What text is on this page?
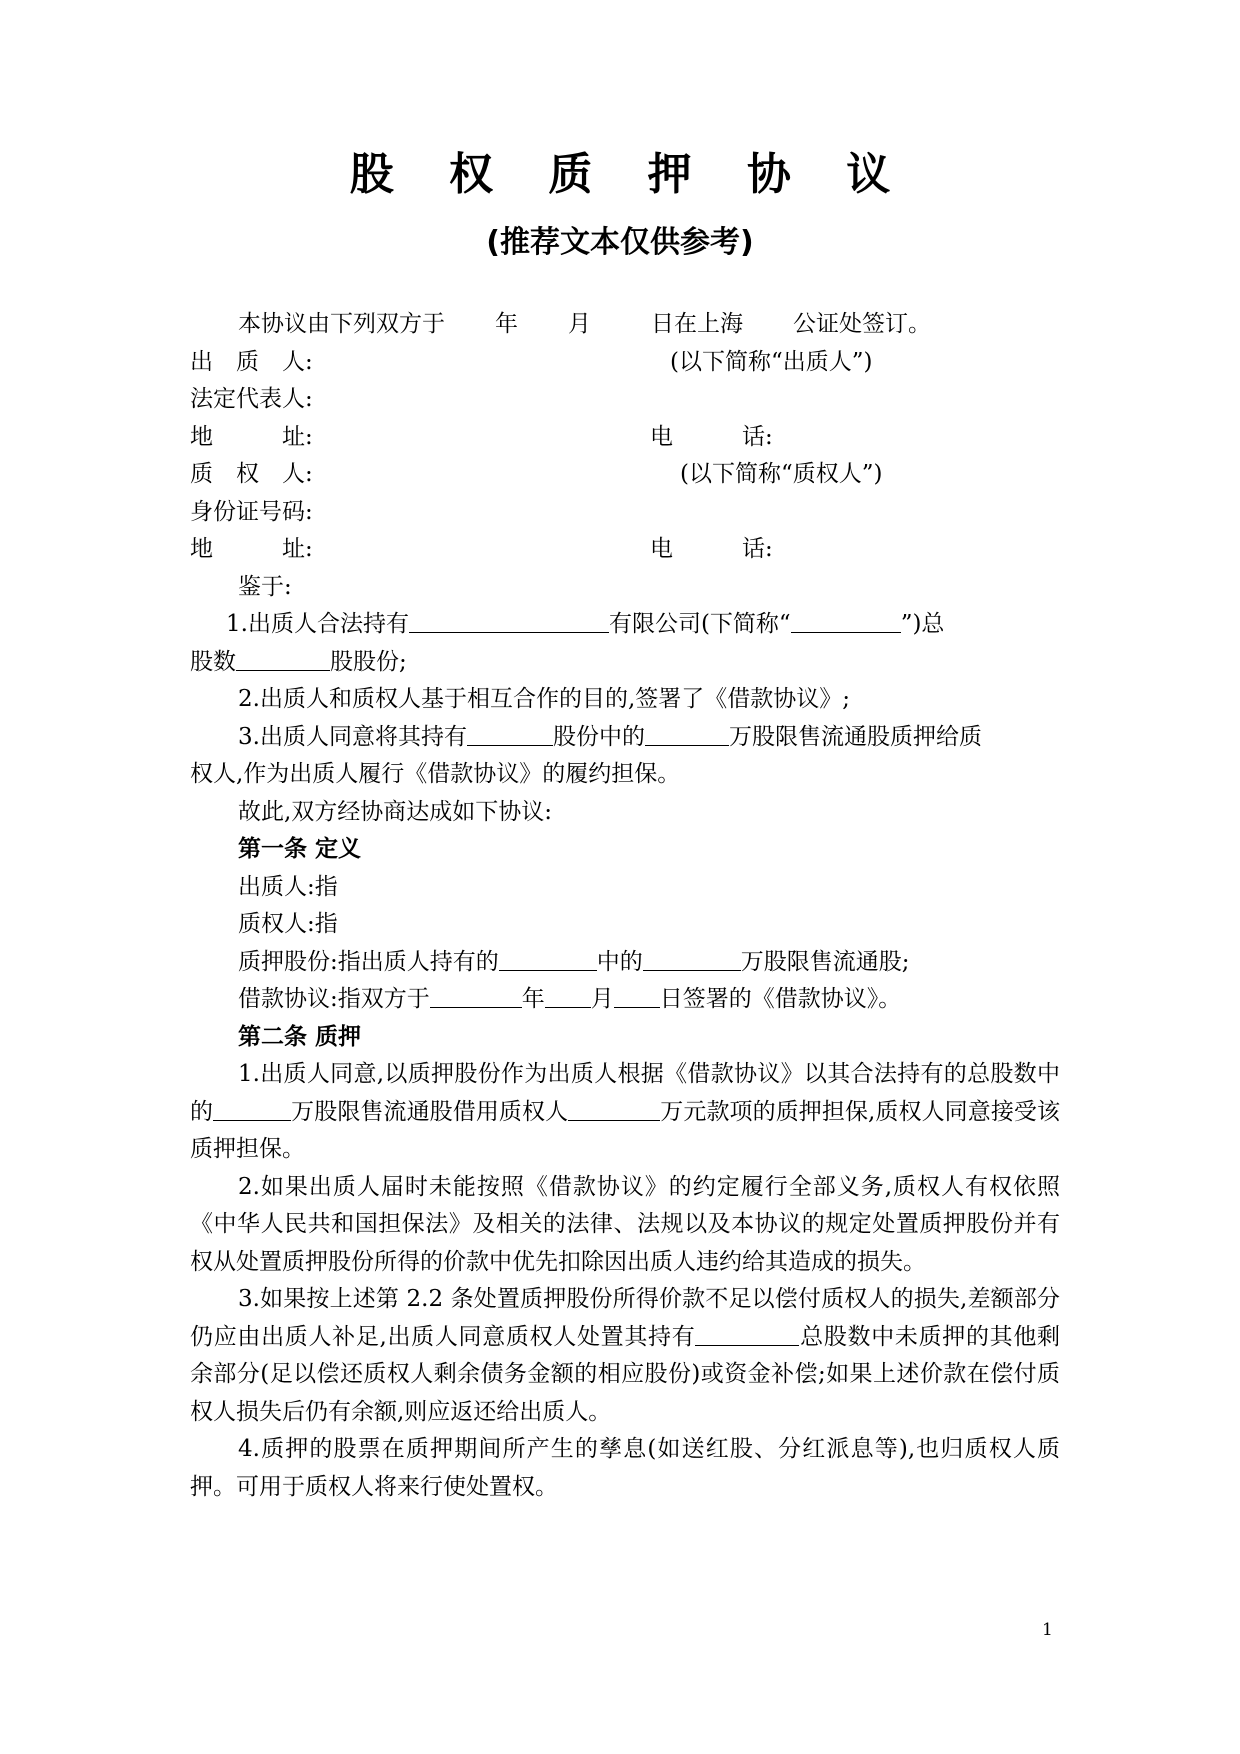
股 权 质 押 协 议
(推荐文本仅供参考)
本协议由下列双方于 年 月	日在上海 公证处签订。
出　质　人:	(以下简称“出质人”)
法定代表人:
地　　　址:	电　　　话:
质　权　人:	(以下简称“质权人”)
身份证号码:
地　　　址:	电　　　话:
鉴于:
1.出质人合法持有	有限公司(下简称“	”)总
股数	股股份;
2.出质人和质权人基于相互合作的目的,签署了《借款协议》;
3.出质人同意将其持有	股份中的	万股限售流通股质押给质
权人,作为出质人履行《借款协议》的履约担保。
故此,双方经协商达成如下协议:
第一条 定义
出质人:指
质权人:指
质押股份:指出质人持有的	中的	万股限售流通股;
借款协议:指双方于	年 月 日签署的《借款协议》。
第二条 质押
1.出质人同意,以质押股份作为出质人根据《借款协议》以其合法持有的总股数中的	万股限售流通股借用质权人	万元款项的质押担保,质权人同意接受该质押担保。
2.如果出质人届时未能按照《借款协议》的约定履行全部义务,质权人有权依照《中华人民共和国担保法》及相关的法律、法规以及本协议的规定处置质押股份并有权从处置质押股份所得的价款中优先扣除因出质人违约给其造成的损失。
3.如果按上述第 2.2 条处置质押股份所得价款不足以偿付质权人的损失,差额部分仍应由出质人补足,出质人同意质权人处置其持有	总股数中未质押的其他剩余部分(足以偿还质权人剩余债务金额的相应股份)或资金补偿;如果上述价款在偿付质权人损失后仍有余额,则应返还给出质人。
4.质押的股票在质押期间所产生的孳息(如送红股、分红派息等),也归质权人质押。可用于质权人将来行使处置权。
1
